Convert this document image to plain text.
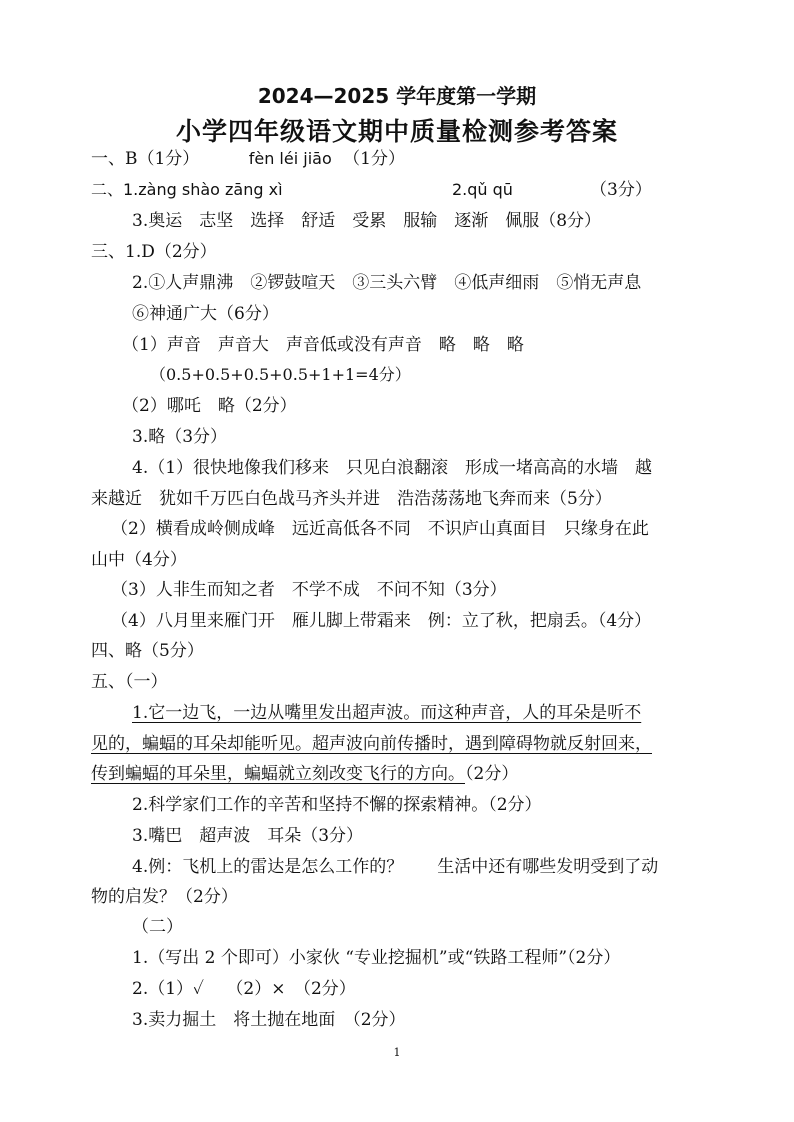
2024—2025 学年度第一学期
小学四年级语文期中质量检测参考答案
一、B（1分）	fèn léi jiāo （1分）
二、1.zàng shào zāng xì	2.qǔ qū	（3分）
3.奥运　志坚　选择　舒适　受累　服输　逐渐　佩服（8分）
三、1.D（2分）
2.①人声鼎沸　②锣鼓喧天　③三头六臂　④低声细雨　⑤悄无声息
⑥神通广大（6分）
（1）声音　声音大　声音低或没有声音　略　略　略
（0.5+0.5+0.5+0.5+1+1=4分）
（2）哪吒　略（2分）
3.略（3分）
4.（1）很快地像我们移来　只见白浪翻滚　形成一堵高高的水墙　越
来越近　犹如千万匹白色战马齐头并进　浩浩荡荡地飞奔而来（5分）
（2）横看成岭侧成峰　远近高低各不同　不识庐山真面目　只缘身在此
山中（4分）
（3）人非生而知之者　不学不成　不问不知（3分）
（4）八月里来雁门开　雁儿脚上带霜来　例：立了秋，把扇丢。（4分）
四、略（5分）
五、（一）
1.它一边飞，一边从嘴里发出超声波。而这种声音，人的耳朵是听不
见的，蝙蝠的耳朵却能听见。超声波向前传播时，遇到障碍物就反射回来，
传到蝙蝠的耳朵里，蝙蝠就立刻改变飞行的方向。（2分）
2.科学家们工作的辛苦和坚持不懈的探索精神。（2分）
3.嘴巴　超声波　耳朵（3分）
4.例：飞机上的雷达是怎么工作的？　　生活中还有哪些发明受到了动
物的启发？（2分）
（二）
1.（写出 2 个即可）小家伙 “专业挖掘机”或“铁路工程师”（2分）
2.（1）✓　 （2）×　（2分）
3.卖力掘土　将土抛在地面　（2分）
1
